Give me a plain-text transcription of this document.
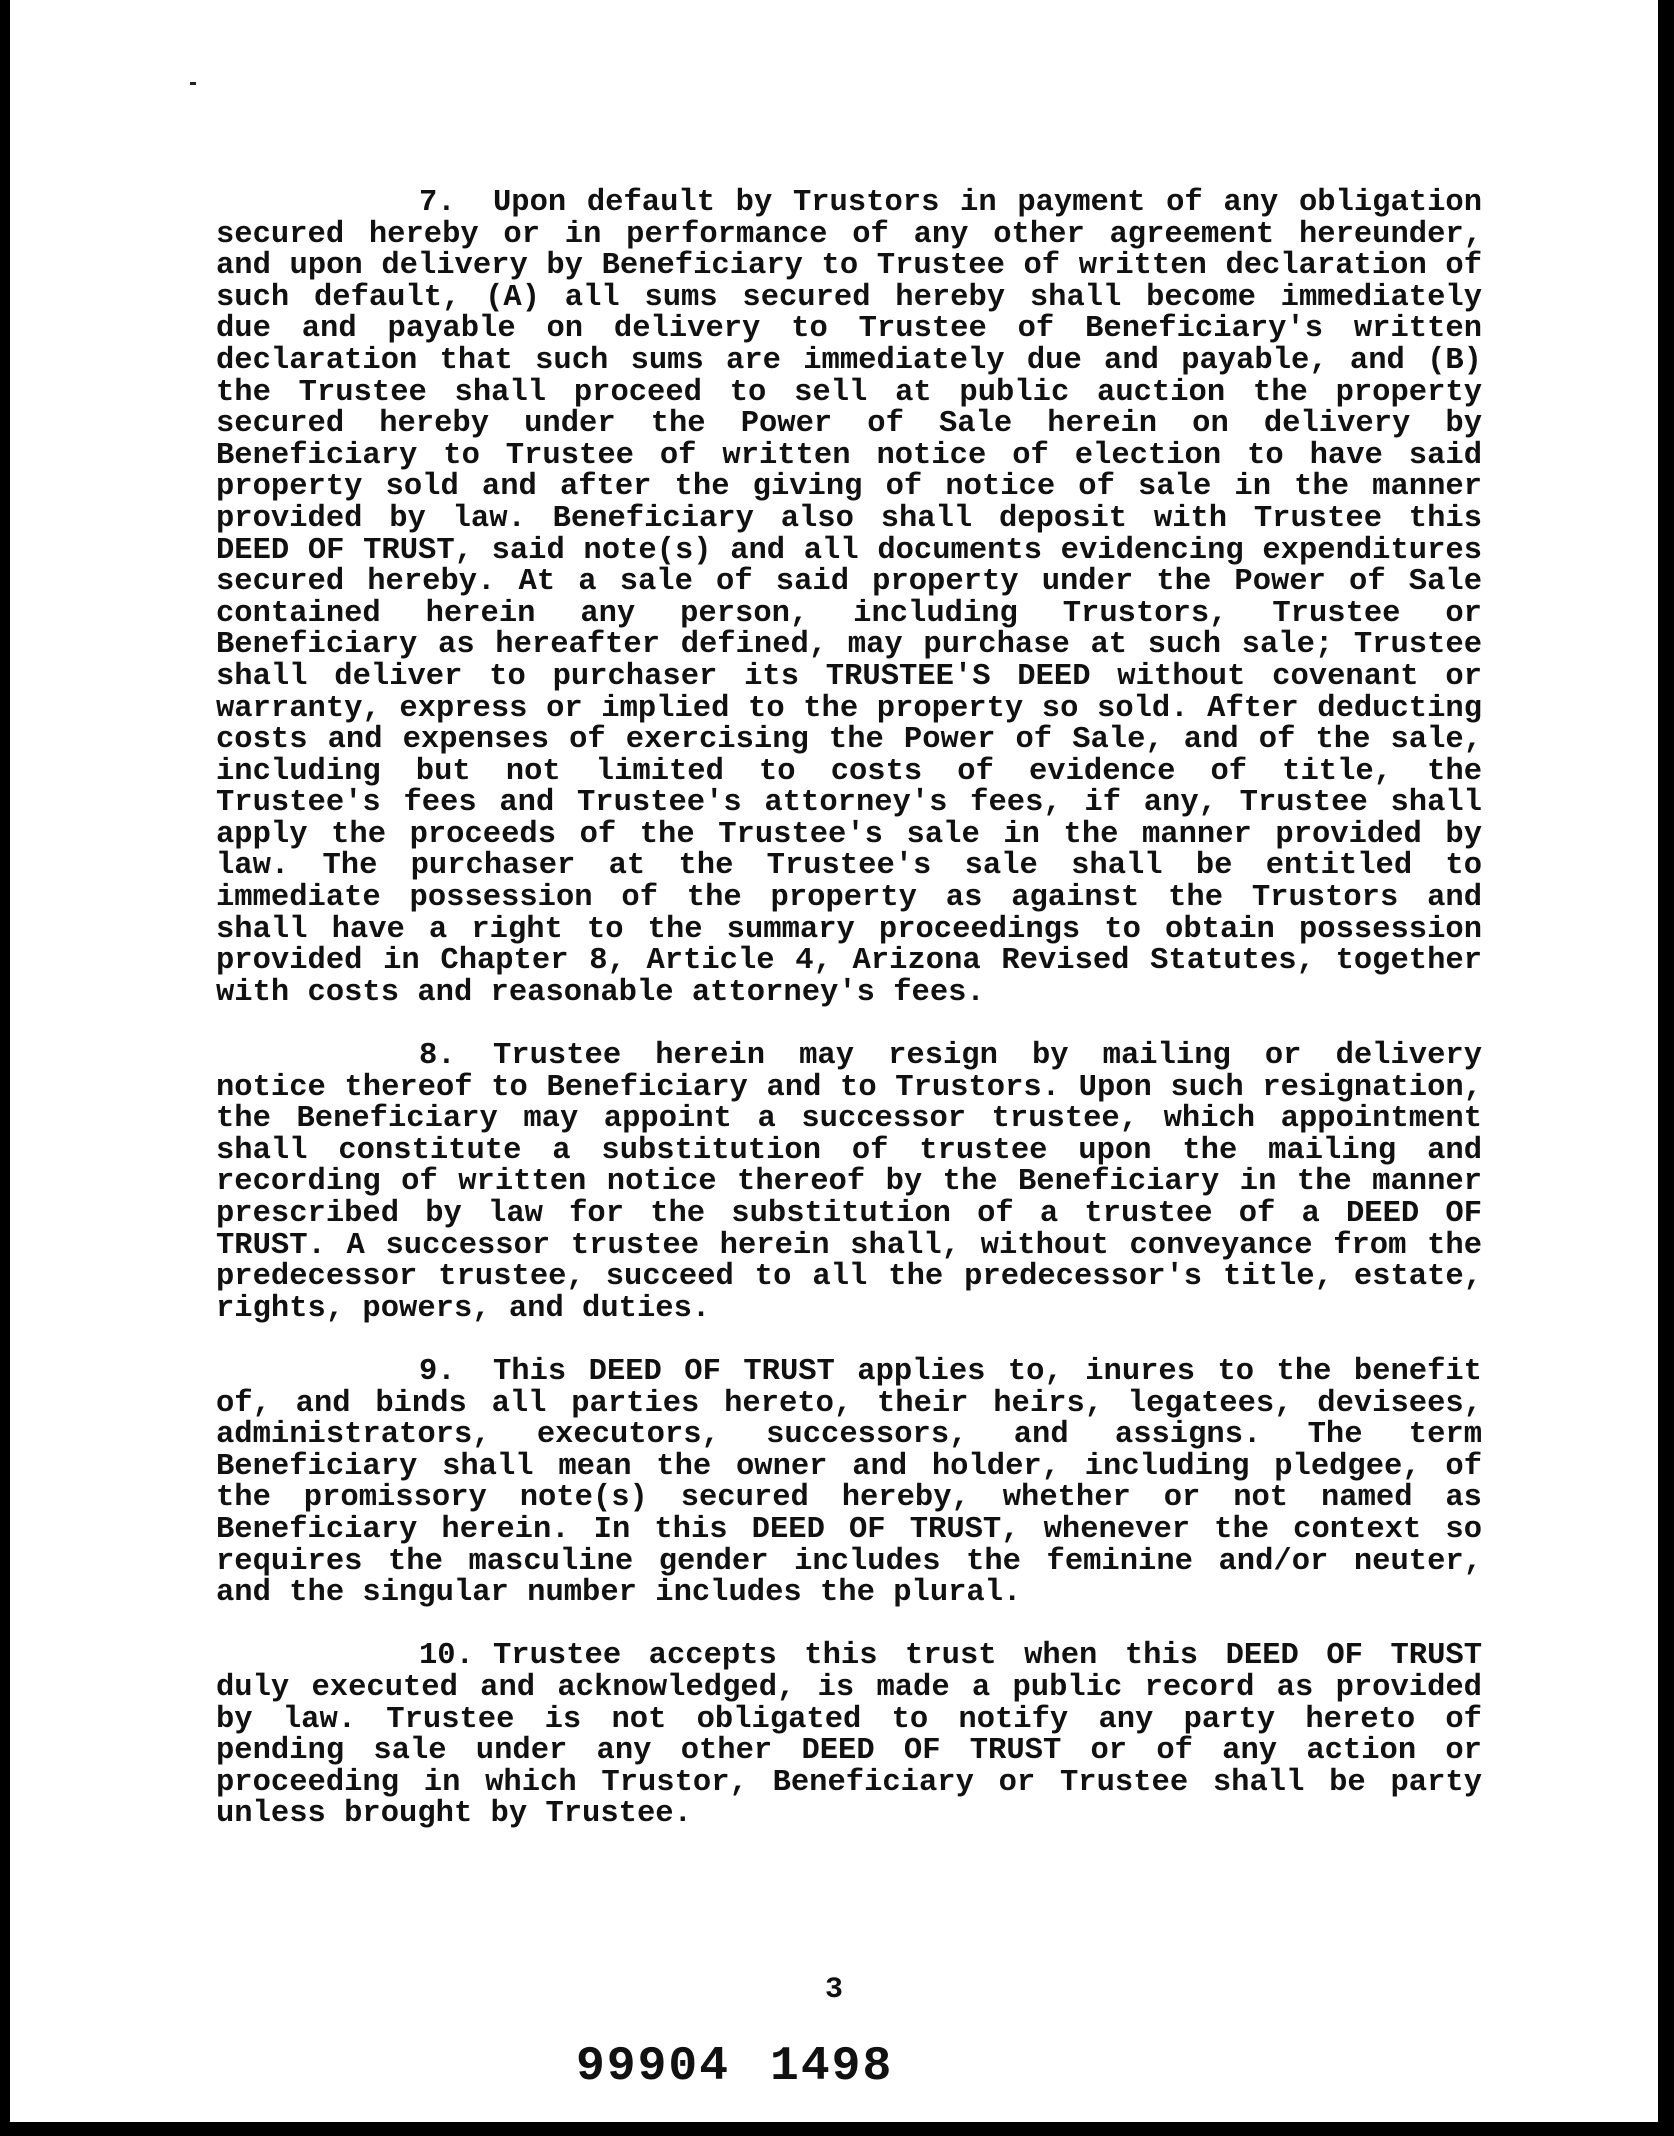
7. Upon default by Trustors in payment of any obligation secured hereby or in performance of any other agreement hereunder, and upon delivery by Beneficiary to Trustee of written declaration of such default, (A) all sums secured hereby shall become immediately due and payable on delivery to Trustee of Beneficiary's written declaration that such sums are immediately due and payable, and (B) the Trustee shall proceed to sell at public auction the property secured hereby under the Power of Sale herein on delivery by Beneficiary to Trustee of written notice of election to have said property sold and after the giving of notice of sale in the manner provided by law. Beneficiary also shall deposit with Trustee this DEED OF TRUST, said note(s) and all documents evidencing expenditures secured hereby. At a sale of said property under the Power of Sale contained herein any person, including Trustors, Trustee or Beneficiary as hereafter defined, may purchase at such sale; Trustee shall deliver to purchaser its TRUSTEE'S DEED without covenant or warranty, express or implied to the property so sold. After deducting costs and expenses of exercising the Power of Sale, and of the sale, including but not limited to costs of evidence of title, the Trustee's fees and Trustee's attorney's fees, if any, Trustee shall apply the proceeds of the Trustee's sale in the manner provided by law. The purchaser at the Trustee's sale shall be entitled to immediate possession of the property as against the Trustors and shall have a right to the summary proceedings to obtain possession provided in Chapter 8, Article 4, Arizona Revised Statutes, together with costs and reasonable attorney's fees.

8. Trustee herein may resign by mailing or delivery notice thereof to Beneficiary and to Trustors. Upon such resignation, the Beneficiary may appoint a successor trustee, which appointment shall constitute a substitution of trustee upon the mailing and recording of written notice thereof by the Beneficiary in the manner prescribed by law for the substitution of a trustee of a DEED OF TRUST. A successor trustee herein shall, without conveyance from the predecessor trustee, succeed to all the predecessor's title, estate, rights, powers, and duties.

9. This DEED OF TRUST applies to, inures to the benefit of, and binds all parties hereto, their heirs, legatees, devisees, administrators, executors, successors, and assigns. The term Beneficiary shall mean the owner and holder, including pledgee, of the promissory note(s) secured hereby, whether or not named as Beneficiary herein. In this DEED OF TRUST, whenever the context so requires the masculine gender includes the feminine and/or neuter, and the singular number includes the plural.

10. Trustee accepts this trust when this DEED OF TRUST duly executed and acknowledged, is made a public record as provided by law. Trustee is not obligated to notify any party hereto of pending sale under any other DEED OF TRUST or of any action or proceeding in which Trustor, Beneficiary or Trustee shall be party unless brought by Trustee.

3
99904 1498
